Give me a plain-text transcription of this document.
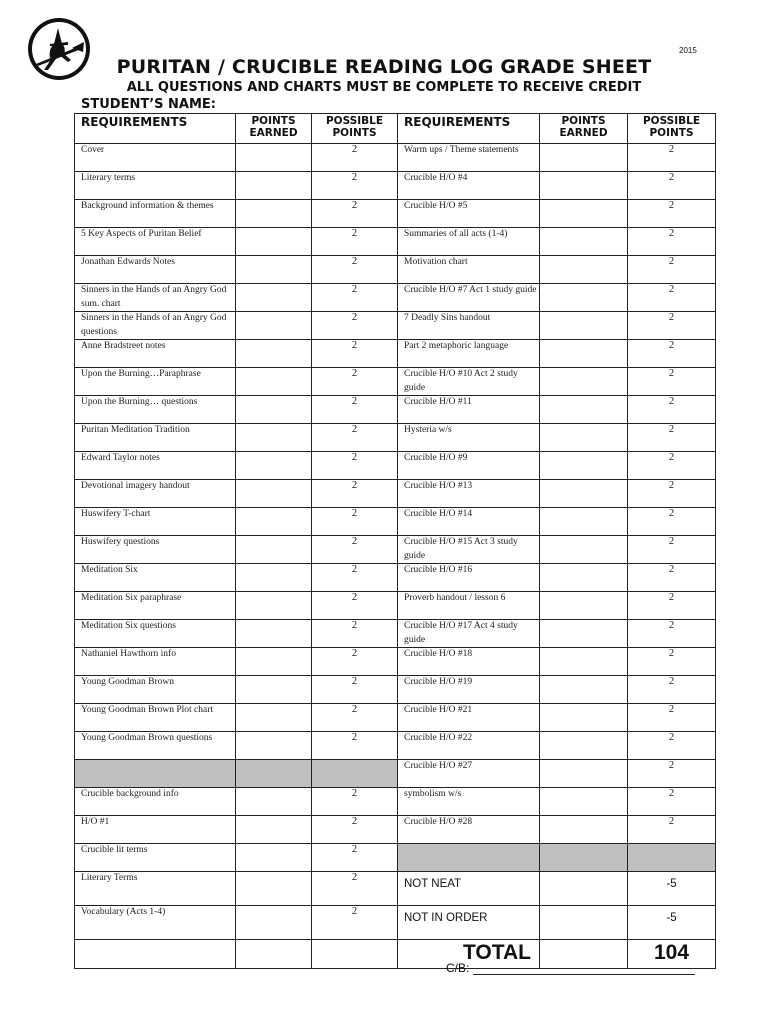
2015
PURITAN / CRUCIBLE READING LOG GRADE SHEET
ALL QUESTIONS AND CHARTS MUST BE COMPLETE TO RECEIVE CREDIT
STUDENT’S NAME:
REQUIREMENTS	POINTS EARNED	POSSIBLE POINTS	REQUIREMENTS	POINTS EARNED	POSSIBLE POINTS

Cover		2	Warm ups / Theme statements		2
Literary terms		2	Crucible H/O #4		2
Background information & themes		2	Crucible H/O #5		2
5 Key Aspects of Puritan Belief		2	Summaries of all acts (1-4)		2
Jonathan Edwards Notes		2	Motivation chart		2
Sinners in the Hands of an Angry God sum. chart		2	Crucible H/O #7 Act 1 study guide		2
Sinners in the Hands of an Angry God questions		2	7 Deadly Sins handout		2
Anne Bradstreet notes		2	Part 2 metaphoric language		2
Upon the Burning…Paraphrase		2	Crucible H/O #10 Act 2 study guide		2
Upon the Burning… questions		2	Crucible H/O #11		2
Puritan Meditation Tradition		2	Hysteria w/s		2
Edward Taylor notes		2	Crucible H/O #9		2
Devotional imagery handout		2	Crucible H/O #13		2
Huswifery T-chart		2	Crucible H/O #14		2
Huswifery questions		2	Crucible H/O #15 Act 3 study guide		2
Meditation Six		2	Crucible H/O #16		2
Meditation Six paraphrase		2	Proverb handout / lesson 6		2
Meditation Six questions		2	Crucible H/O #17 Act 4 study guide		2
Nathaniel Hawthorn info		2	Crucible H/O #18		2
Young Goodman Brown		2	Crucible H/O #19		2
Young Goodman Brown Plot chart		2	Crucible H/O #21		2
Young Goodman Brown questions		2	Crucible H/O #22		2
			Crucible H/O #27		2
Crucible background info		2	symbolism w/s		2
H/O #1		2	Crucible H/O #28		2
Crucible lit terms		2			
Literary Terms		2	NOT NEAT		-5
Vocabulary (Acts 1-4)		2	NOT IN ORDER		-5
			TOTAL		104
C/B:
